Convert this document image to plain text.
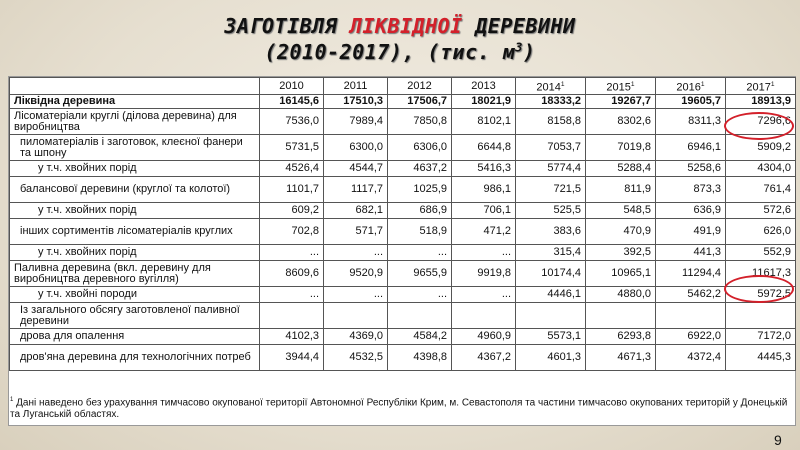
ЗАГОТІВЛЯ ЛІКВІДНОЇ ДЕРЕВИНИ
(2010-2017), (тис. $м^3$)
	2010	2011	2012	2013	2014$^1$	2015$^1$	2016$^1$	2017$^1$
Ліквідна деревина	16145,6	17510,3	17506,7	18021,9	18333,2	19267,7	19605,7	18913,9
Лісоматеріали круглі (ділова деревина) для виробництва	7536,0	7989,4	7850,8	8102,1	8158,8	8302,6	8311,3	7296,6
пиломатеріалів і заготовок, клеєної фанери та шпону	5731,5	6300,0	6306,0	6644,8	7053,7	7019,8	6946,1	5909,2
у т.ч. хвойних порід	4526,4	4544,7	4637,2	5416,3	5774,4	5288,4	5258,6	4304,0
балансової деревини (круглої та колотої)	1101,7	1117,7	1025,9	986,1	721,5	811,9	873,3	761,4
у т.ч. хвойних порід	609,2	682,1	686,9	706,1	525,5	548,5	636,9	572,6
інших сортиментів лісоматеріалів круглих	702,8	571,7	518,9	471,2	383,6	470,9	491,9	626,0
у т.ч. хвойних порід	...	...	...	...	315,4	392,5	441,3	552,9
Паливна деревина (вкл. деревину для виробництва деревного вугілля)	8609,6	9520,9	9655,9	9919,8	10174,4	10965,1	11294,4	11617,3
у т.ч. хвойні породи	...	...	...	...	4446,1	4880,0	5462,2	5972,5
Із загального обсягу заготовленої паливної деревини								
дрова для опалення	4102,3	4369,0	4584,2	4960,9	5573,1	6293,8	6922,0	7172,0
дров'яна деревина для технологічних потреб	3944,4	4532,5	4398,8	4367,2	4601,3	4671,3	4372,4	4445,3
$^1$ Дані наведено без урахування тимчасово окупованої території Автономної Республіки Крим, м. Севастополя та частини тимчасово окупованих територій у Донецькій та Луганській областях.
9
